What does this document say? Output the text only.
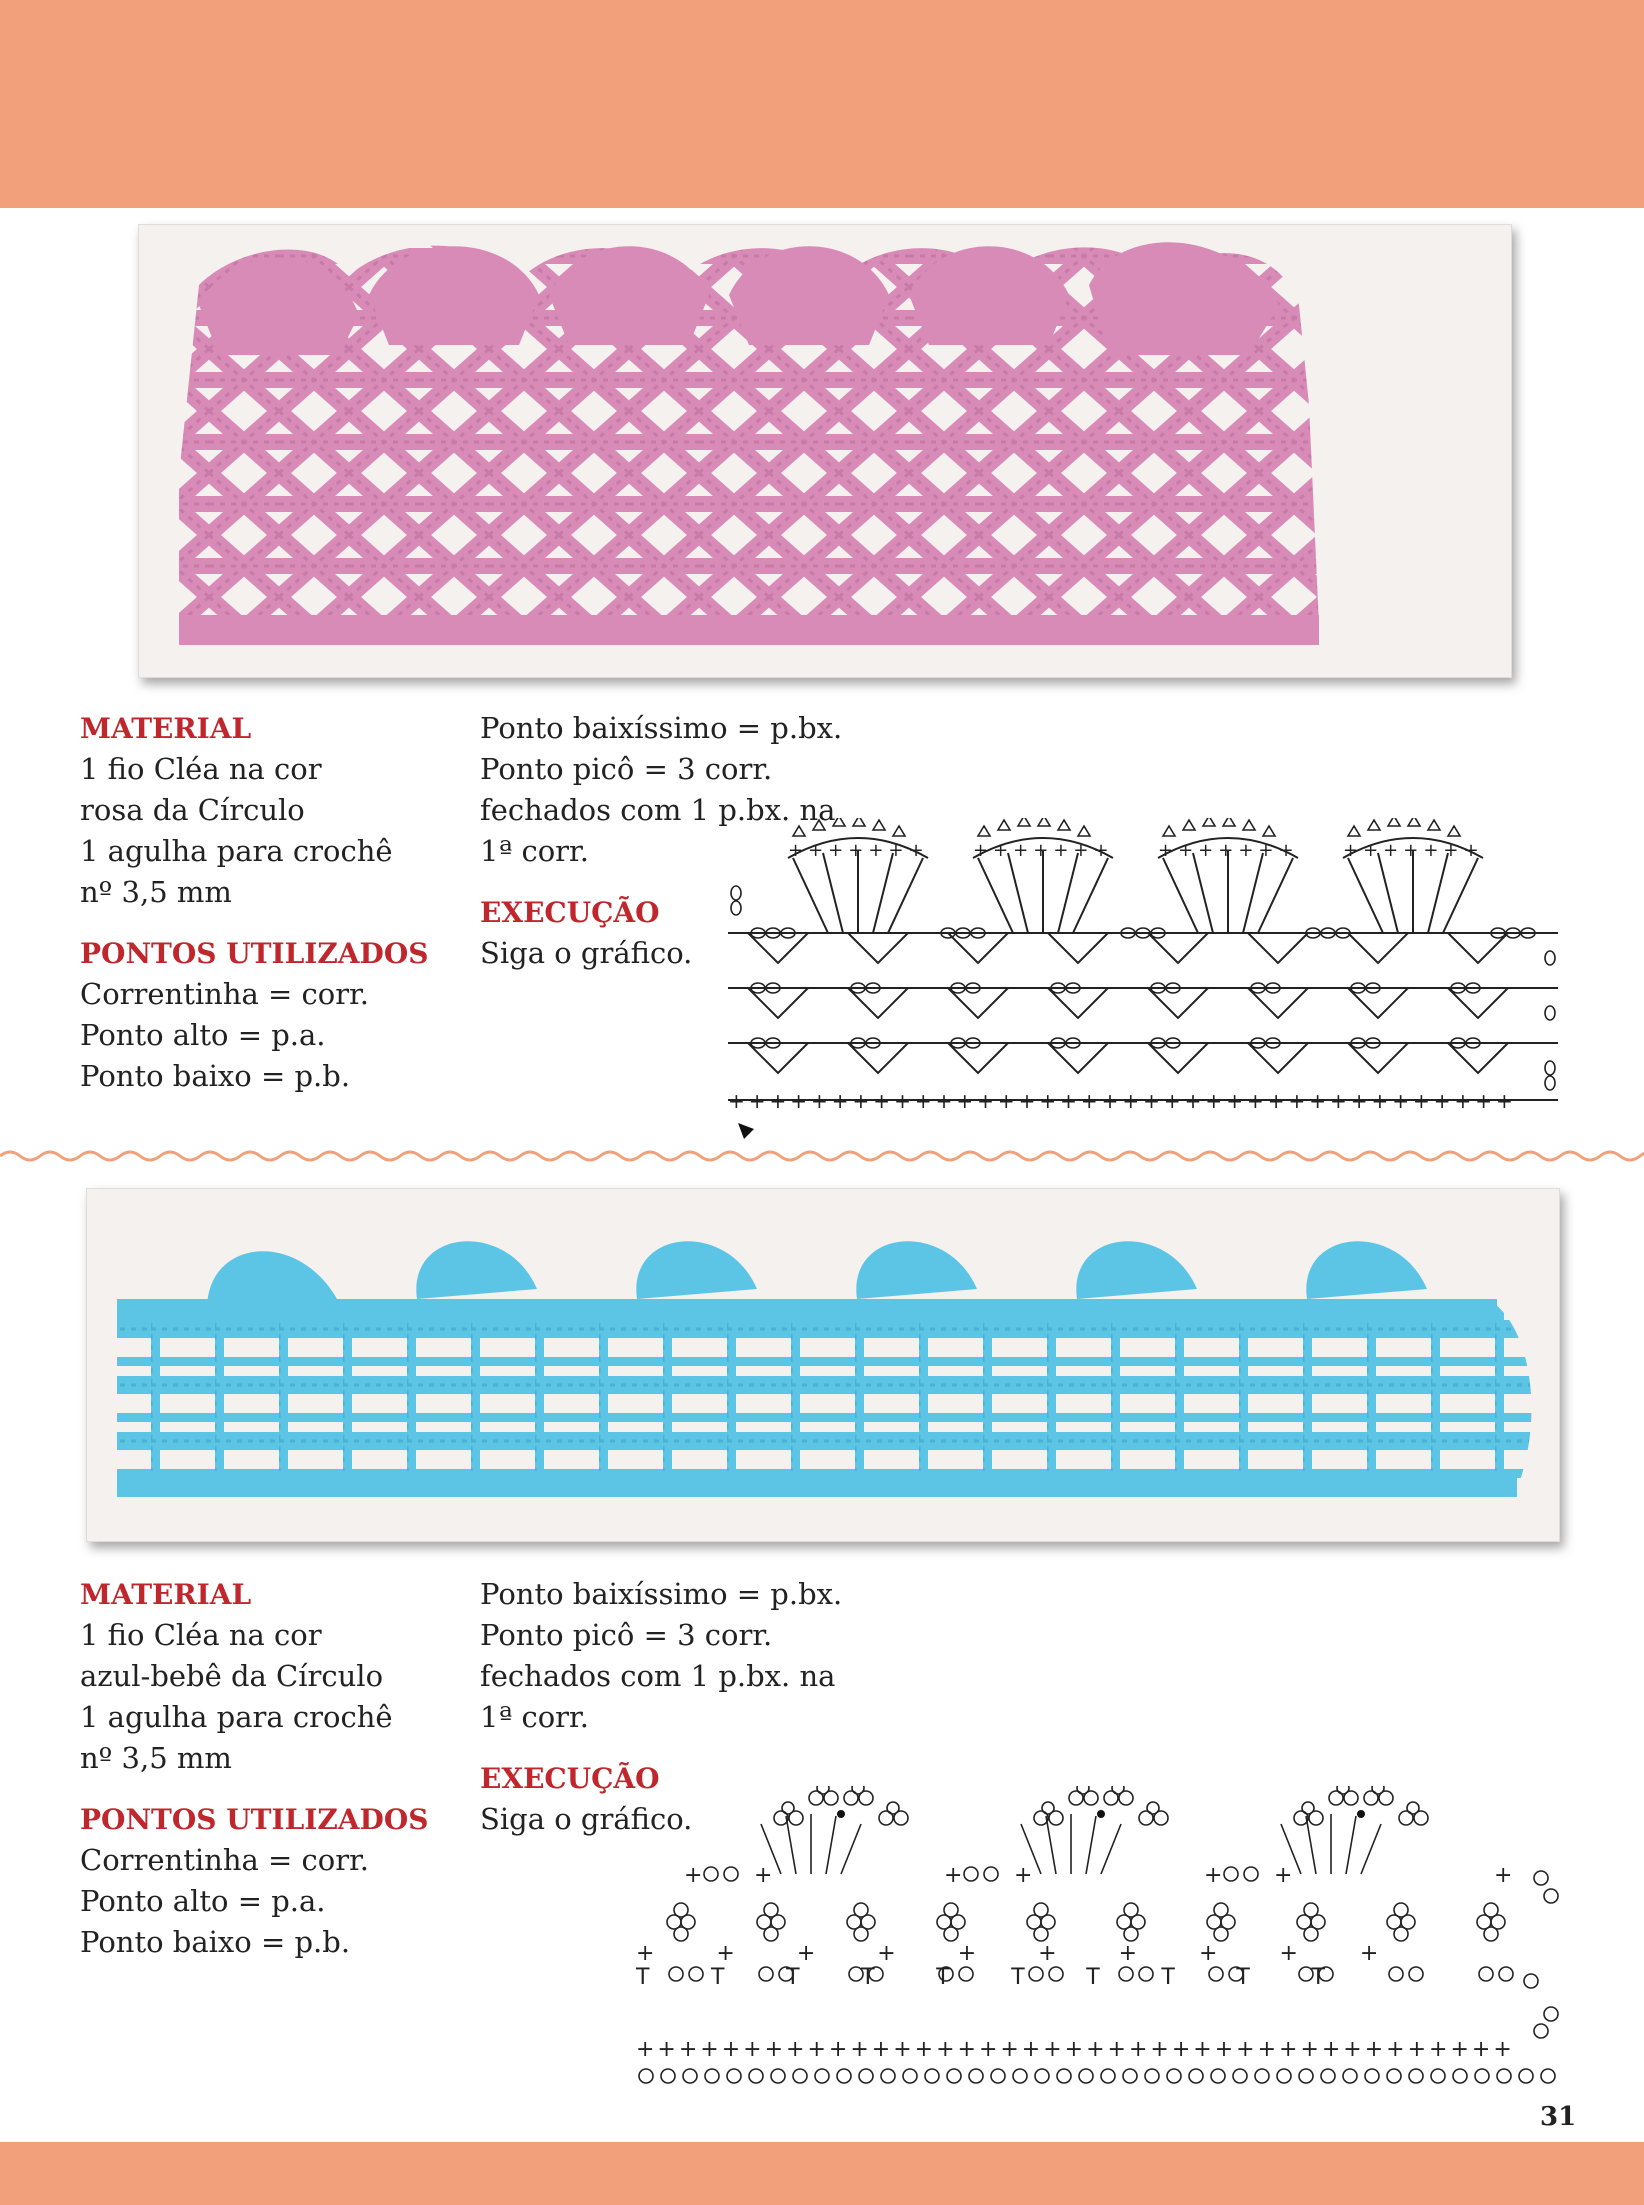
MATERIAL
1 fio Cléa na cor
rosa da Círculo
1 agulha para crochê
nº 3,5 mm
PONTOS UTILIZADOS
Correntinha = corr.
Ponto alto = p.a.
Ponto baixo = p.b.
Ponto baixíssimo = p.bx.
Ponto picô = 3 corr.
fechados com 1 p.bx. na
1ª corr.
EXECUÇÃO
Siga o gráfico.
++++++++++++++++++++++++++++++++++++++
+++++++ +++++++ +++++++ +++++++
MATERIAL
1 fio Cléa na cor
azul-bebê da Círculo
1 agulha para crochê
nº 3,5 mm
PONTOS UTILIZADOS
Correntinha = corr.
Ponto alto = p.a.
Ponto baixo = p.b.
Ponto baixíssimo = p.bx.
Ponto picô = 3 corr.
fechados com 1 p.bx. na
1ª corr.
EXECUÇÃO
Siga o gráfico.
+++++++++++++++++++++++++++++++++++++++++
++++++++++
TTTTTTTTTT
+ +	+ +	+ +	+
31
